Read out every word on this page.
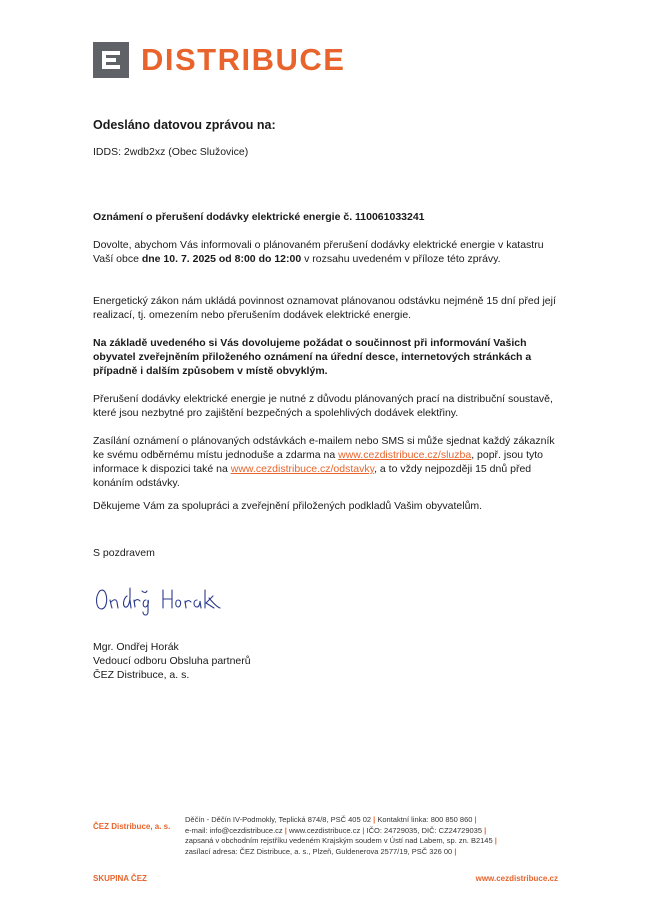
DISTRIBUCE
Odesláno datovou zprávou na:
IDDS: 2wdb2xz (Obec Služovice)
Oznámení o přerušení dodávky elektrické energie č. 110061033241
Dovolte, abychom Vás informovali o plánovaném přerušení dodávky elektrické energie v katastru Vaší obce dne 10. 7. 2025 od 8:00 do 12:00 v rozsahu uvedeném v příloze této zprávy.
Energetický zákon nám ukládá povinnost oznamovat plánovanou odstávku nejméně 15 dní před její realizací, tj. omezením nebo přerušením dodávek elektrické energie.
Na základě uvedeného si Vás dovolujeme požádat o součinnost při informování Vašich obyvatel zveřejněním přiloženého oznámení na úřední desce, internetových stránkách a případně i dalším způsobem v místě obvyklým.
Přerušení dodávky elektrické energie je nutné z důvodu plánovaných prací na distribuční soustavě, které jsou nezbytné pro zajištění bezpečných a spolehlivých dodávek elektřiny.
Zasílání oznámení o plánovaných odstávkách e-mailem nebo SMS si může sjednat každý zákazník ke svému odběrnému místu jednoduše a zdarma na www.cezdistribuce.cz/sluzba, popř. jsou tyto informace k dispozici také na www.cezdistribuce.cz/odstavky, a to vždy nejpozději 15 dnů před konáním odstávky.
Děkujeme Vám za spolupráci a zveřejnění přiložených podkladů Vašim obyvatelům.
S pozdravem
Mgr. Ondřej Horák
Vedoucí odboru Obsluha partnerů
ČEZ Distribuce, a. s.
ČEZ Distribuce, a. s.
Děčín - Děčín IV-Podmokly, Teplická 874/8, PSČ 405 02 | Kontaktní linka: 800 850 860 |
e-mail: info@cezdistribuce.cz | www.cezdistribuce.cz | IČO: 24729035, DIČ: CZ24729035 |
zapsaná v obchodním rejstříku vedeném Krajským soudem v Ústí nad Labem, sp. zn. B2145 |
zasílací adresa: ČEZ Distribuce, a. s., Plzeň, Guldenerova 2577/19, PSČ 326 00 |
SKUPINA ČEZ	www.cezdistribuce.cz
